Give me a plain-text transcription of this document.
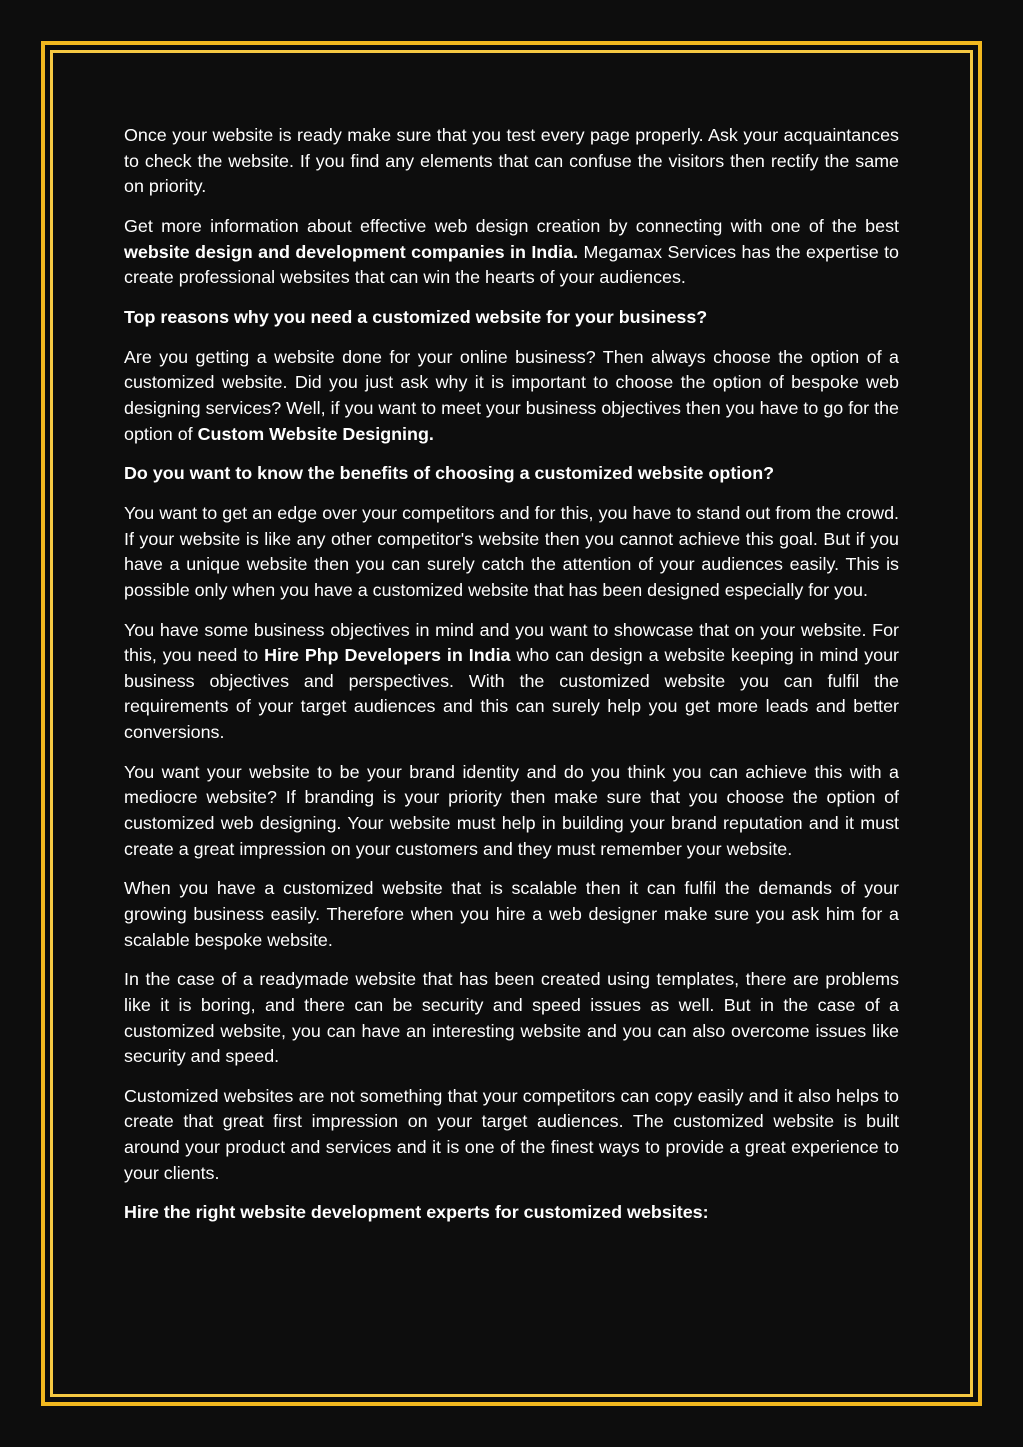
Once your website is ready make sure that you test every page properly. Ask your acquaintances to check the website. If you find any elements that can confuse the visitors then rectify the same on priority.

Get more information about effective web design creation by connecting with one of the best website design and development companies in India. Megamax Services has the expertise to create professional websites that can win the hearts of your audiences.

Top reasons why you need a customized website for your business?

Are you getting a website done for your online business? Then always choose the option of a customized website. Did you just ask why it is important to choose the option of bespoke web designing services? Well, if you want to meet your business objectives then you have to go for the option of Custom Website Designing.

Do you want to know the benefits of choosing a customized website option?

You want to get an edge over your competitors and for this, you have to stand out from the crowd. If your website is like any other competitor's website then you cannot achieve this goal. But if you have a unique website then you can surely catch the attention of your audiences easily. This is possible only when you have a customized website that has been designed especially for you.

You have some business objectives in mind and you want to showcase that on your website. For this, you need to Hire Php Developers in India who can design a website keeping in mind your business objectives and perspectives. With the customized website you can fulfil the requirements of your target audiences and this can surely help you get more leads and better conversions.

You want your website to be your brand identity and do you think you can achieve this with a mediocre website? If branding is your priority then make sure that you choose the option of customized web designing. Your website must help in building your brand reputation and it must create a great impression on your customers and they must remember your website.

When you have a customized website that is scalable then it can fulfil the demands of your growing business easily. Therefore when you hire a web designer make sure you ask him for a scalable bespoke website.

In the case of a readymade website that has been created using templates, there are problems like it is boring, and there can be security and speed issues as well. But in the case of a customized website, you can have an interesting website and you can also overcome issues like security and speed.

Customized websites are not something that your competitors can copy easily and it also helps to create that great first impression on your target audiences. The customized website is built around your product and services and it is one of the finest ways to provide a great experience to your clients.

Hire the right website development experts for customized websites:
